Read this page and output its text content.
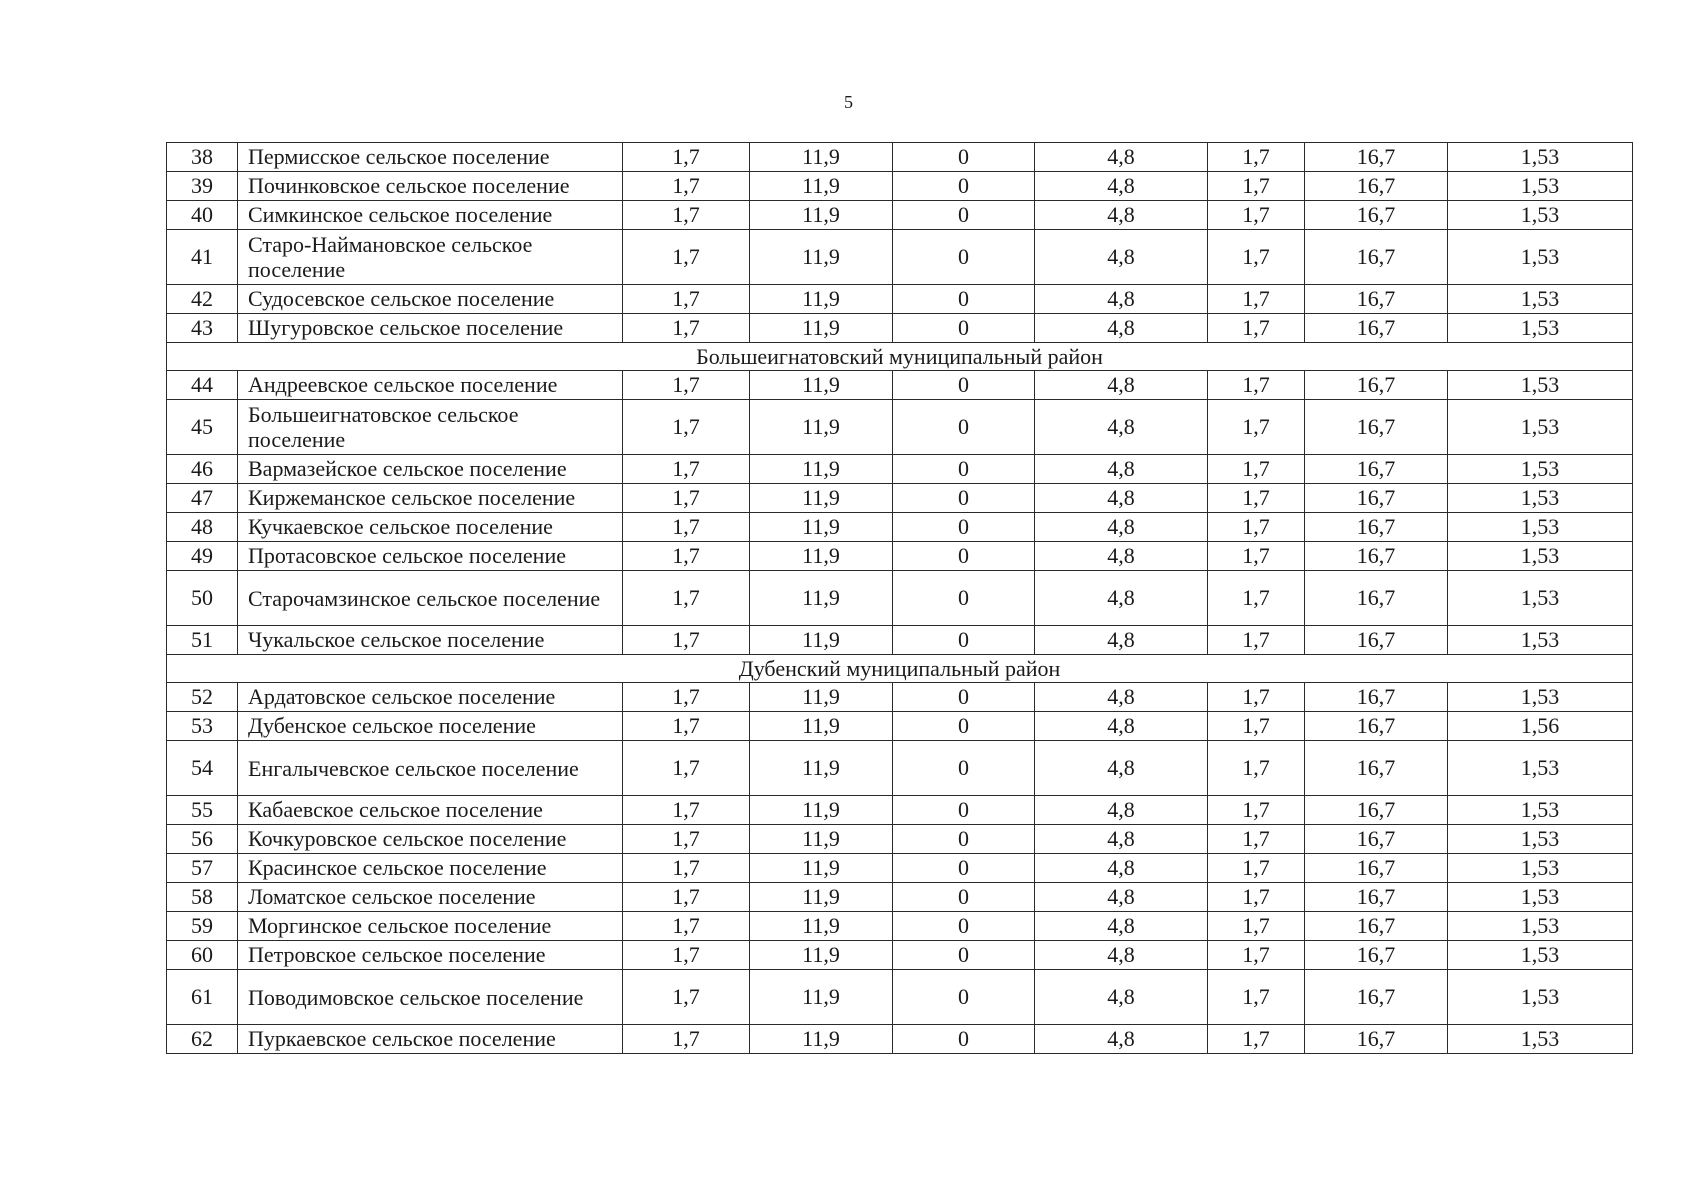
5
38	Пермисское сельское поселение	1,7	11,9	0	4,8	1,7	16,7	1,53
39	Починковское сельское поселение	1,7	11,9	0	4,8	1,7	16,7	1,53
40	Симкинское сельское поселение	1,7	11,9	0	4,8	1,7	16,7	1,53
41	Старо-Наймановское сельское поселение	1,7	11,9	0	4,8	1,7	16,7	1,53
42	Судосевское сельское поселение	1,7	11,9	0	4,8	1,7	16,7	1,53
43	Шугуровское сельское поселение	1,7	11,9	0	4,8	1,7	16,7	1,53
Большеигнатовский муниципальный район								
44	Андреевское сельское поселение	1,7	11,9	0	4,8	1,7	16,7	1,53
45	Большеигнатовское сельское поселение	1,7	11,9	0	4,8	1,7	16,7	1,53
46	Вармазейское сельское поселение	1,7	11,9	0	4,8	1,7	16,7	1,53
47	Киржеманское сельское поселение	1,7	11,9	0	4,8	1,7	16,7	1,53
48	Кучкаевское сельское поселение	1,7	11,9	0	4,8	1,7	16,7	1,53
49	Протасовское сельское поселение	1,7	11,9	0	4,8	1,7	16,7	1,53
50	Старочамзинское сельское поселение	1,7	11,9	0	4,8	1,7	16,7	1,53
51	Чукальское сельское поселение	1,7	11,9	0	4,8	1,7	16,7	1,53
Дубенский муниципальный район								
52	Ардатовское сельское поселение	1,7	11,9	0	4,8	1,7	16,7	1,53
53	Дубенское сельское поселение	1,7	11,9	0	4,8	1,7	16,7	1,56
54	Енгалычевское сельское поселение	1,7	11,9	0	4,8	1,7	16,7	1,53
55	Кабаевское сельское поселение	1,7	11,9	0	4,8	1,7	16,7	1,53
56	Кочкуровское сельское поселение	1,7	11,9	0	4,8	1,7	16,7	1,53
57	Красинское сельское поселение	1,7	11,9	0	4,8	1,7	16,7	1,53
58	Ломатское сельское поселение	1,7	11,9	0	4,8	1,7	16,7	1,53
59	Моргинское сельское поселение	1,7	11,9	0	4,8	1,7	16,7	1,53
60	Петровское сельское поселение	1,7	11,9	0	4,8	1,7	16,7	1,53
61	Поводимовское сельское поселение	1,7	11,9	0	4,8	1,7	16,7	1,53
62	Пуркаевское сельское поселение	1,7	11,9	0	4,8	1,7	16,7	1,53
